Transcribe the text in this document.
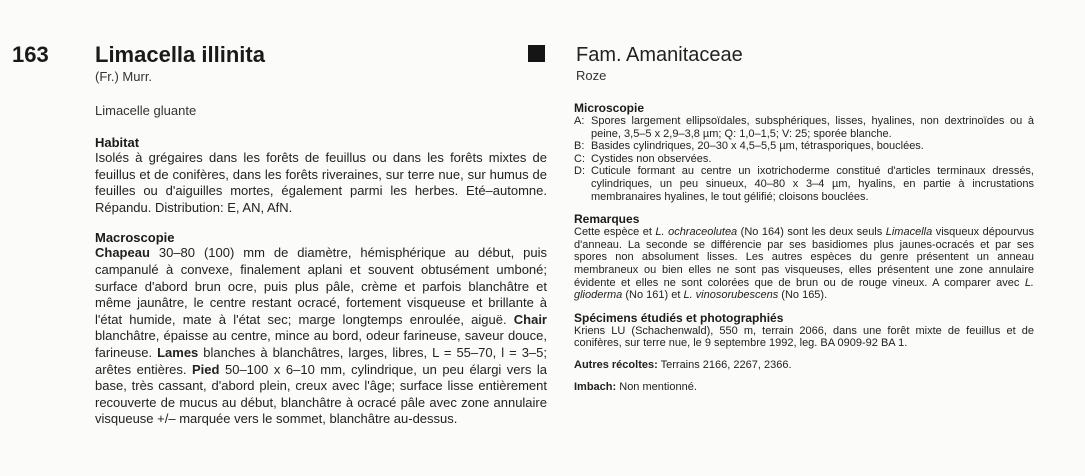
163 Limacella illinita
(Fr.) Murr.
Limacelle gluante
Fam. Amanitaceae
Roze
Habitat

Isolés à grégaires dans les forêts de feuillus ou dans les forêts mixtes de feuillus et de conifères, dans les forêts riveraines, sur terre nue, sur humus de feuilles ou d'aiguilles mortes, également parmi les herbes. Eté–automne. Répandu. Distribution: E, AN, AfN.

Macroscopie

Chapeau 30–80 (100) mm de diamètre, hémisphérique au début, puis campanulé à convexe, finalement aplani et souvent obtusément umboné; surface d'abord brun ocre, puis plus pâle, crème et parfois blanchâtre et même jaunâtre, le centre restant ocracé, fortement visqueuse et brillante à l'état humide, mate à l'état sec; marge longtemps enroulée, aiguë. Chair blanchâtre, épaisse au centre, mince au bord, odeur farineuse, saveur douce, farineuse. Lames blanches à blanchâtres, larges, libres, L = 55–70, l = 3–5; arêtes entières. Pied 50–100 x 6–10 mm, cylindrique, un peu élargi vers la base, très cassant, d'abord plein, creux avec l'âge; surface lisse entièrement recouverte de mucus au début, blanchâtre à ocracé pâle avec zone annulaire visqueuse +/– marquée vers le sommet, blanchâtre au-dessus.

Microscopie
A: Spores largement ellipsoïdales, subsphériques, lisses, hyalines, non dextrinoïdes ou à peine, 3,5–5 x 2,9–3,8 µm; Q: 1,0–1,5; V: 25; sporée blanche.
B: Basides cylindriques, 20–30 x 4,5–5,5 µm, tétrasporiques, bouclées.
C: Cystides non observées.
D: Cuticule formant au centre un ixotrichoderme constitué d'articles terminaux dressés, cylindriques, un peu sinueux, 40–80 x 3–4 µm, hyalins, en partie à incrustations membranaires hyalines, le tout gélifié; cloisons bouclées.
Remarques

Cette espèce et L. ochraceolutea (No 164) sont les deux seuls Limacella visqueux dépourvus d'anneau. La seconde se différencie par ses basidiomes plus jaunes-ocracés et par ses spores non absolument lisses. Les autres espèces du genre présentent un anneau membraneux ou bien elles ne sont pas visqueuses, elles présentent une zone annulaire évidente et elles ne sont colorées que de brun ou de rouge vineux. A comparer avec L. glioderma (No 161) et L. vinosorubescens (No 165).

Spécimens étudiés et photographiés

Kriens LU (Schachenwald), 550 m, terrain 2066, dans une forêt mixte de feuillus et de conifères, sur terre nue, le 9 septembre 1992, leg. BA 0909-92 BA 1.

Autres récoltes: Terrains 2166, 2267, 2366.

Imbach: Non mentionné.
